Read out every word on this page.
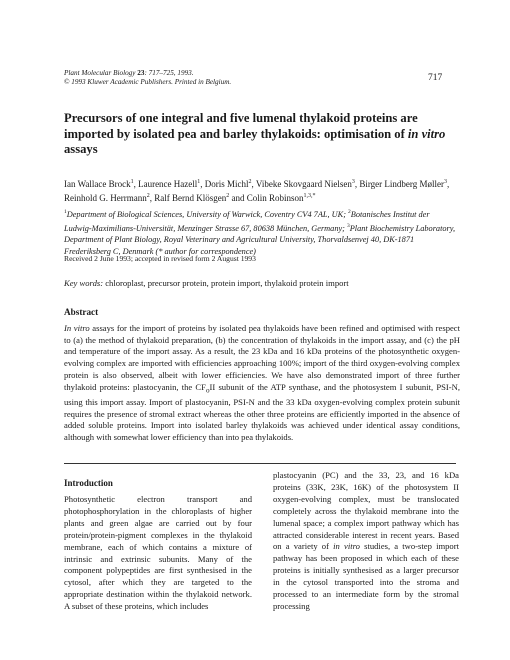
Plant Molecular Biology 23: 717–725, 1993.
© 1993 Kluwer Academic Publishers. Printed in Belgium.	717
Precursors of one integral and five lumenal thylakoid proteins are imported by isolated pea and barley thylakoids: optimisation of in vitro assays
Ian Wallace Brock$^1$, Laurence Hazell$^1$, Doris Michl$^2$, Vibeke Skovgaard Nielsen$^3$, Birger Lindberg Møller$^3$, Reinhold G. Herrmann$^2$, Ralf Bernd Klösgen$^2$ and Colin Robinson$^{1,3,*}$
$^1$Department of Biological Sciences, University of Warwick, Coventry CV4 7AL, UK; $^2$Botanisches Institut der Ludwig-Maximilians-Universität, Menzinger Strasse 67, 80638 München, Germany; $^3$Plant Biochemistry Laboratory, Department of Plant Biology, Royal Veterinary and Agricultural University, Thorvaldsenvej 40, DK-1871 Frederiksberg C, Denmark (* author for correspondence)
Received 2 June 1993; accepted in revised form 2 August 1993
Key words: chloroplast, precursor protein, protein import, thylakoid protein import
Abstract
In vitro assays for the import of proteins by isolated pea thylakoids have been refined and optimised with respect to (a) the method of thylakoid preparation, (b) the concentration of thylakoids in the import assay, and (c) the pH and temperature of the import assay. As a result, the 23 kDa and 16 kDa proteins of the photosynthetic oxygen-evolving complex are imported with efficiencies approaching 100%; import of the third oxygen-evolving complex protein is also observed, albeit with lower efficiencies. We have also demonstrated import of three further thylakoid proteins: plastocyanin, the $CF_oII$ subunit of the ATP synthase, and the photosystem I subunit, PSI-N, using this import assay. Import of plastocyanin, PSI-N and the 33 kDa oxygen-evolving complex protein subunit requires the presence of stromal extract whereas the other three proteins are efficiently imported in the absence of added soluble proteins. Import into isolated barley thylakoids was achieved under identical assay conditions, although with somewhat lower efficiency than into pea thylakoids.
Introduction
Photosynthetic electron transport and photophosphorylation in the chloroplasts of higher plants and green algae are carried out by four protein/protein-pigment complexes in the thylakoid membrane, each of which contains a mixture of intrinsic and extrinsic subunits. Many of the component polypeptides are first synthesised in the cytosol, after which they are targeted to the appropriate destination within the thylakoid network. A subset of these proteins, which includes
plastocyanin (PC) and the 33, 23, and 16 kDa proteins (33K, 23K, 16K) of the photosystem II oxygen-evolving complex, must be translocated completely across the thylakoid membrane into the lumenal space; a complex import pathway which has attracted considerable interest in recent years. Based on a variety of in vitro studies, a two-step import pathway has been proposed in which each of these proteins is initially synthesised as a larger precursor in the cytosol transported into the stroma and processed to an intermediate form by the stromal processing
